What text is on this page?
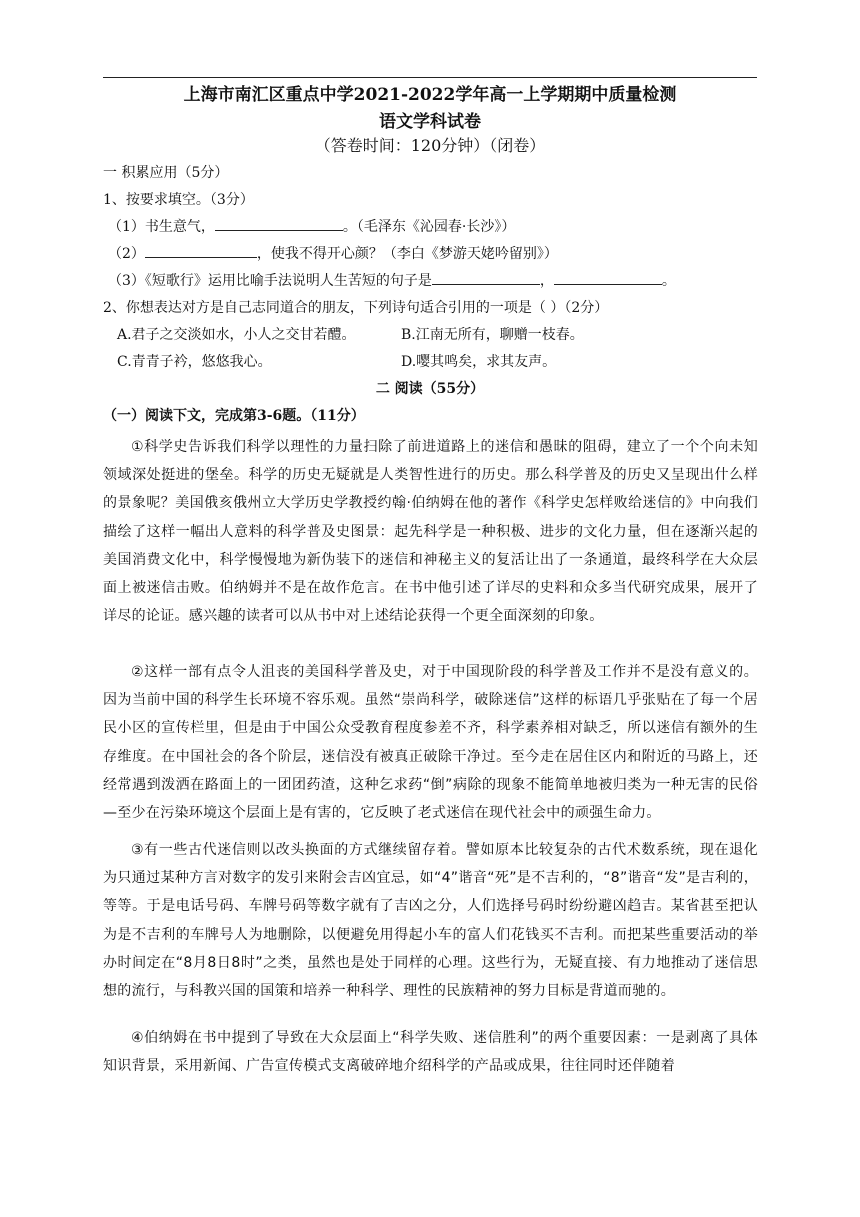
上海市南汇区重点中学2021-2022学年高一上学期期中质量检测
语文学科试卷
（答卷时间：120分钟）（闭卷）
一 积累应用（5分）
1、按要求填空。（3分）
（1）书生意气，	。（毛泽东《沁园春·长沙》）
（2）	，使我不得开心颜？（李白《梦游天姥吟留别》）
（3）《短歌行》运用比喻手法说明人生苦短的句子是	，	。
2、你想表达对方是自己志同道合的朋友，下列诗句适合引用的一项是（ ）（2分）
A.君子之交淡如水，小人之交甘若醴。	B.江南无所有，聊赠一枝春。
C.青青子衿，悠悠我心。	D.嘤其鸣矣，求其友声。
二 阅读（55分）
（一）阅读下文，完成第3-6题。（11分）
①科学史告诉我们科学以理性的力量扫除了前进道路上的迷信和愚昧的阻碍，建立了一个个向未知领域深处挺进的堡垒。科学的历史无疑就是人类智性进行的历史。那么科学普及的历史又呈现出什么样的景象呢？美国俄亥俄州立大学历史学教授约翰·伯纳姆在他的著作《科学史怎样败给迷信的》中向我们描绘了这样一幅出人意料的科学普及史图景：起先科学是一种积极、进步的文化力量，但在逐渐兴起的美国消费文化中，科学慢慢地为新伪装下的迷信和神秘主义的复活让出了一条通道，最终科学在大众层面上被迷信击败。伯纳姆并不是在故作危言。在书中他引述了详尽的史料和众多当代研究成果，展开了详尽的论证。感兴趣的读者可以从书中对上述结论获得一个更全面深刻的印象。
②这样一部有点令人沮丧的美国科学普及史，对于中国现阶段的科学普及工作并不是没有意义的。因为当前中国的科学生长环境不容乐观。虽然“崇尚科学，破除迷信”这样的标语几乎张贴在了每一个居民小区的宣传栏里，但是由于中国公众受教育程度参差不齐，科学素养相对缺乏，所以迷信有额外的生存维度。在中国社会的各个阶层，迷信没有被真正破除干净过。至今走在居住区内和附近的马路上，还经常遇到泼洒在路面上的一团团药渣，这种乞求药“倒”病除的现象不能简单地被归类为一种无害的民俗—至少在污染环境这个层面上是有害的，它反映了老式迷信在现代社会中的顽强生命力。
③有一些古代迷信则以改头换面的方式继续留存着。譬如原本比较复杂的古代术数系统，现在退化为只通过某种方言对数字的发引来附会吉凶宜忌，如“4”谐音“死”是不吉利的，“8”谐音“发”是吉利的，等等。于是电话号码、车牌号码等数字就有了吉凶之分，人们选择号码时纷纷避凶趋吉。某省甚至把认为是不吉利的车牌号人为地删除，以便避免用得起小车的富人们花钱买不吉利。而把某些重要活动的举办时间定在“8月8日8时”之类，虽然也是处于同样的心理。这些行为，无疑直接、有力地推动了迷信思想的流行，与科教兴国的国策和培养一种科学、理性的民族精神的努力目标是背道而驰的。
④伯纳姆在书中提到了导致在大众层面上“科学失败、迷信胜利”的两个重要因素：一是剥离了具体知识背景，采用新闻、广告宣传模式支离破碎地介绍科学的产品或成果，往往同时还伴随着
